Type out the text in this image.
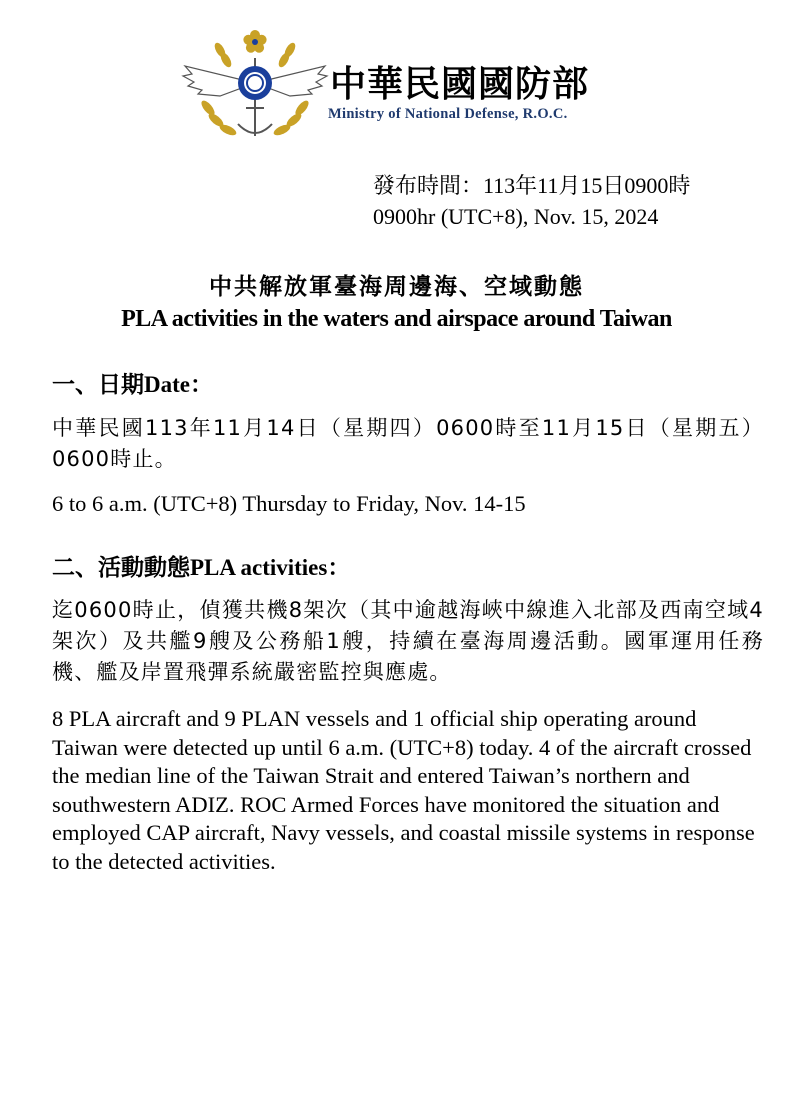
中華民國國防部
Ministry of National Defense, R.O.C.
發布時間：113年11月15日0900時
0900hr (UTC+8), Nov. 15, 2024
中共解放軍臺海周邊海、空域動態
PLA activities in the waters and airspace around Taiwan
一、日期Date：
中華民國113年11月14日（星期四）0600時至11月15日（星期五）0600時止。
6 to 6 a.m. (UTC+8) Thursday to Friday, Nov. 14-15
二、活動動態PLA activities：
迄0600時止，偵獲共機8架次（其中逾越海峽中線進入北部及西南空域4架次）及共艦9艘及公務船1艘，持續在臺海周邊活動。國軍運用任務機、艦及岸置飛彈系統嚴密監控與應處。
8 PLA aircraft and 9 PLAN vessels and 1 official ship operating around Taiwan were detected up until 6 a.m. (UTC+8) today. 4 of the aircraft crossed the median line of the Taiwan Strait and entered Taiwan’s northern and southwestern ADIZ. ROC Armed Forces have monitored the situation and employed CAP aircraft, Navy vessels, and coastal missile systems in response to the detected activities.
